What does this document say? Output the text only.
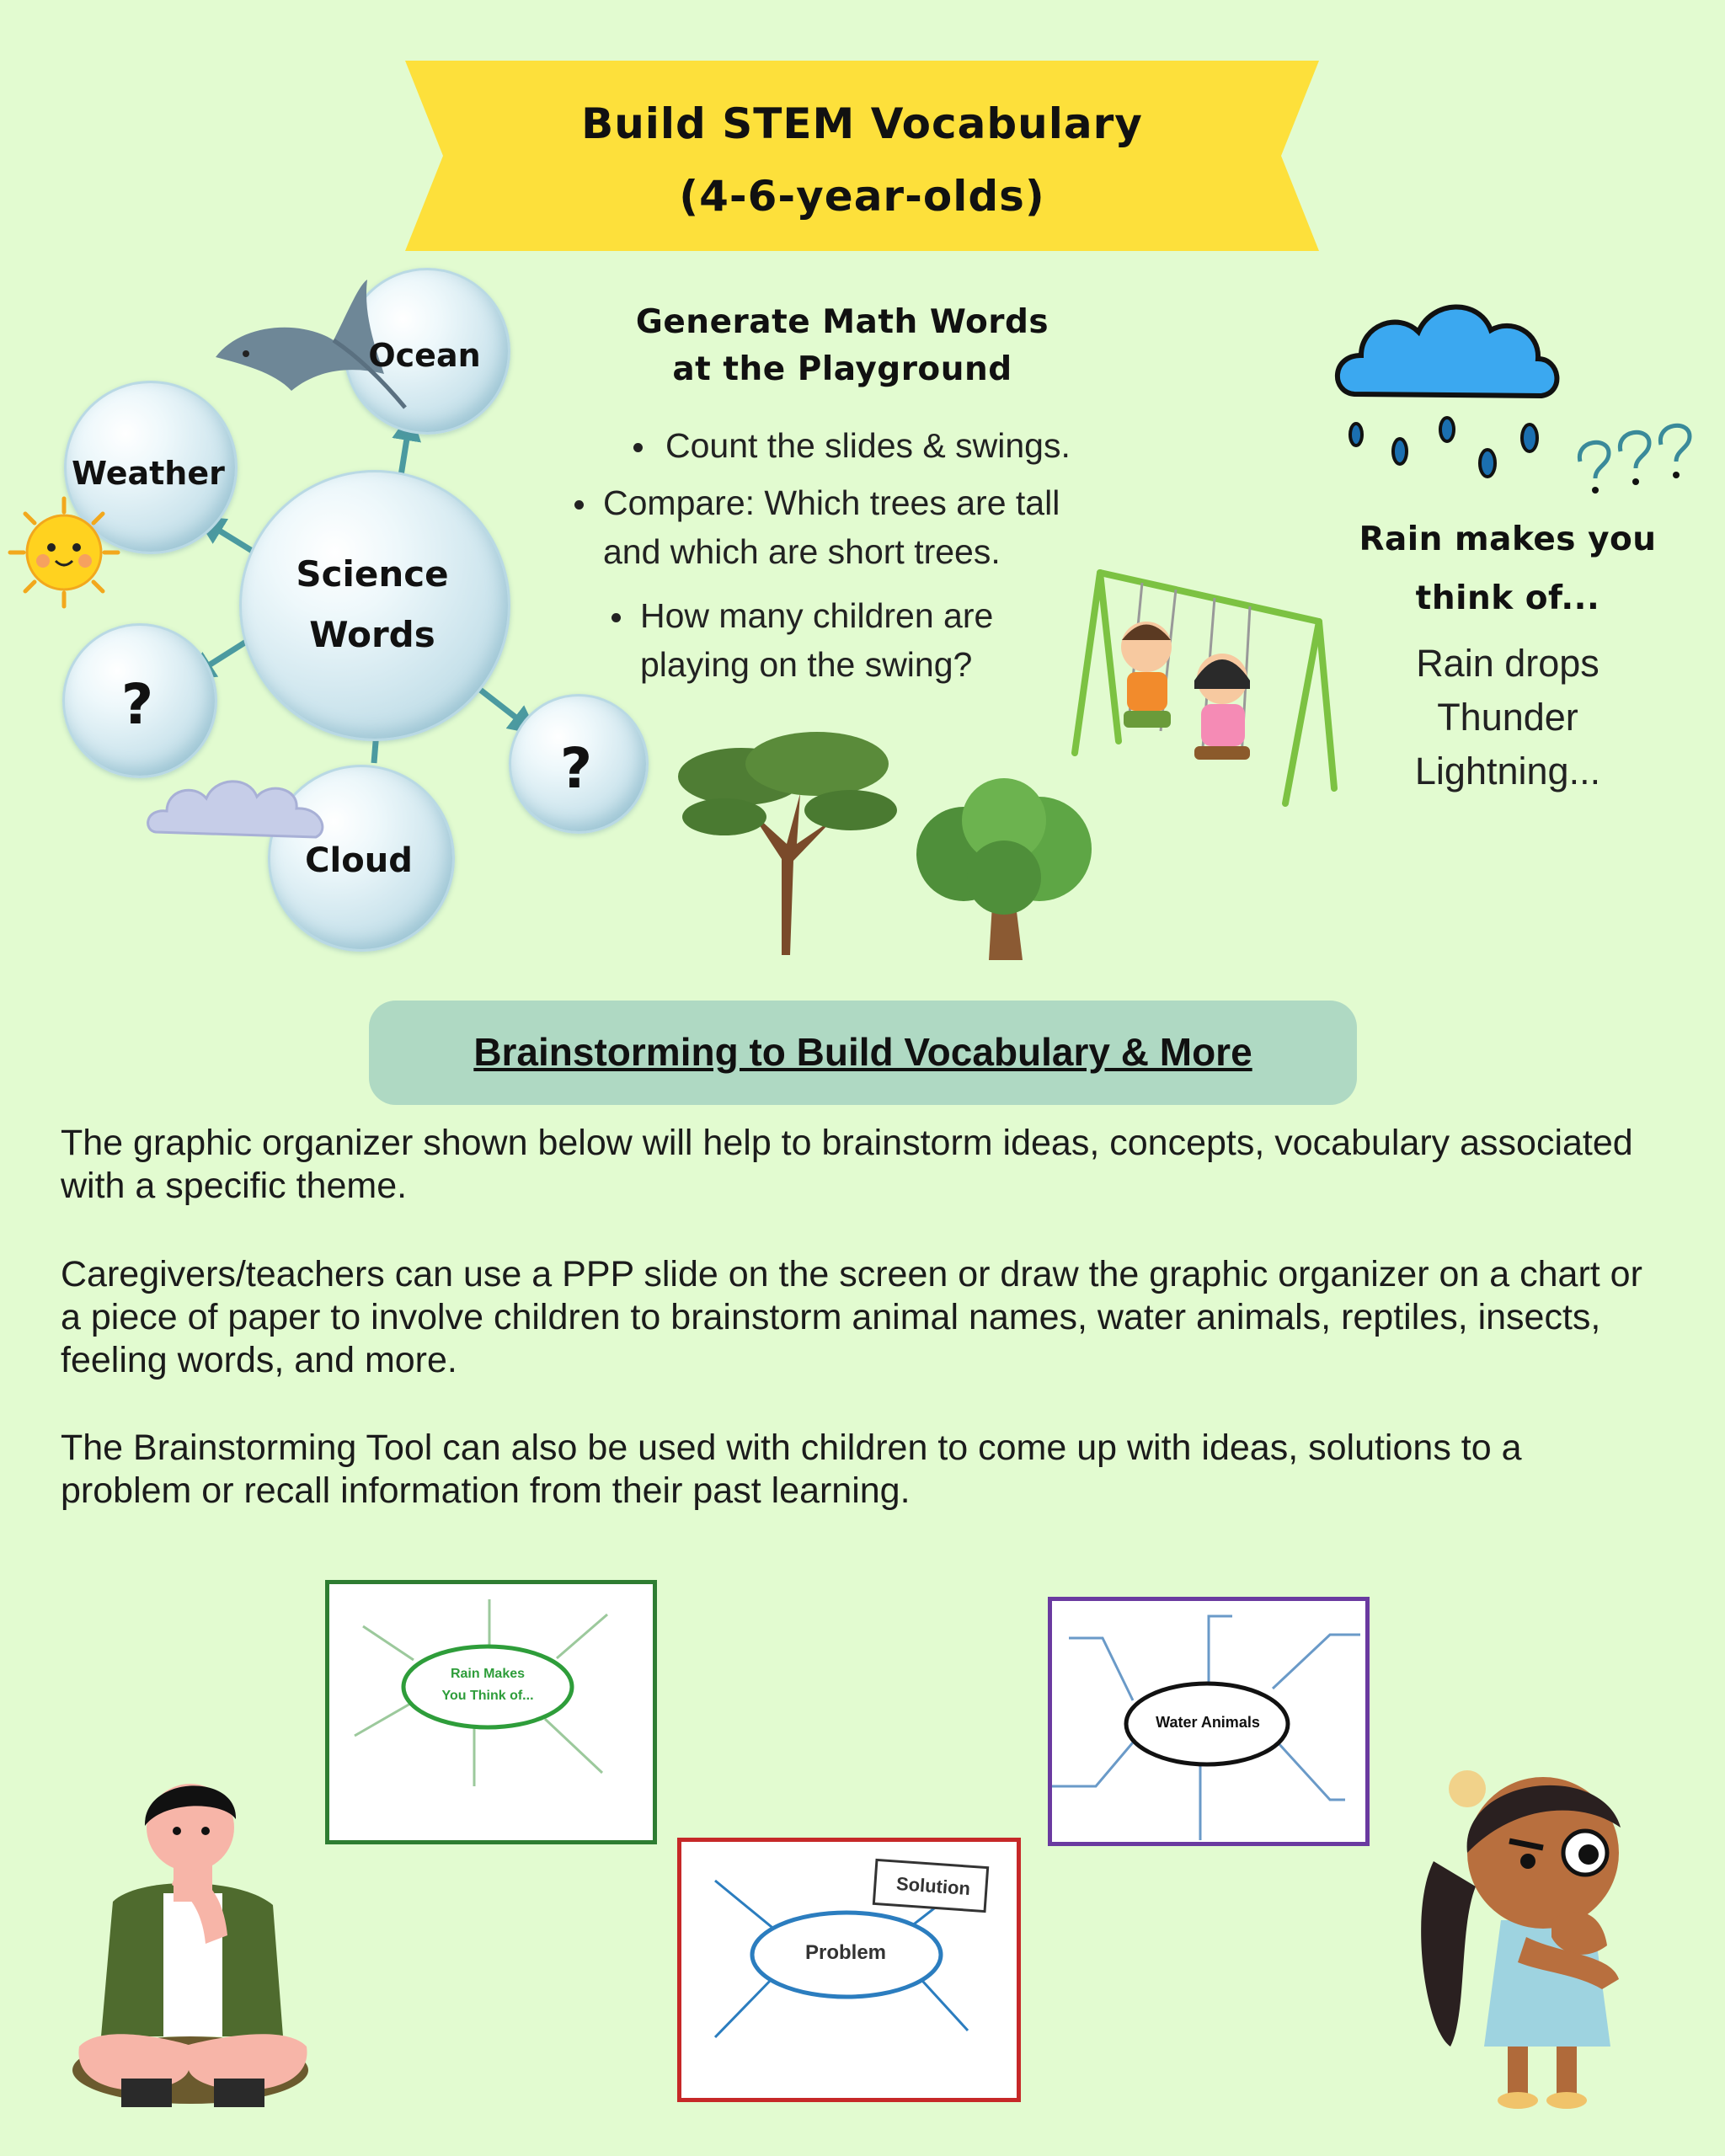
Build STEM Vocabulary
(4-6-year-olds)
Ocean
Weather
Science
Words
?
?
Cloud
Generate Math Words
at the Playground
Count the slides & swings.
Compare: Which trees are tall
and which are short trees.
How many children are
playing on the swing?
Rain makes you
think of...
Rain drops
Thunder
Lightning...
Brainstorming to Build Vocabulary & More

The graphic organizer shown below will help to brainstorm ideas, concepts, vocabulary associated with a specific theme.

Caregivers/teachers can use a PPP slide on the screen or draw the graphic organizer on a chart or a piece of paper to involve children to brainstorm animal names, water animals, reptiles, insects, feeling words, and more.

The Brainstorming Tool can also be used with children to come up with ideas, solutions to a problem or recall information from their past learning.

Rain Makes
You Think of...
Water Animals
Problem
Solution
